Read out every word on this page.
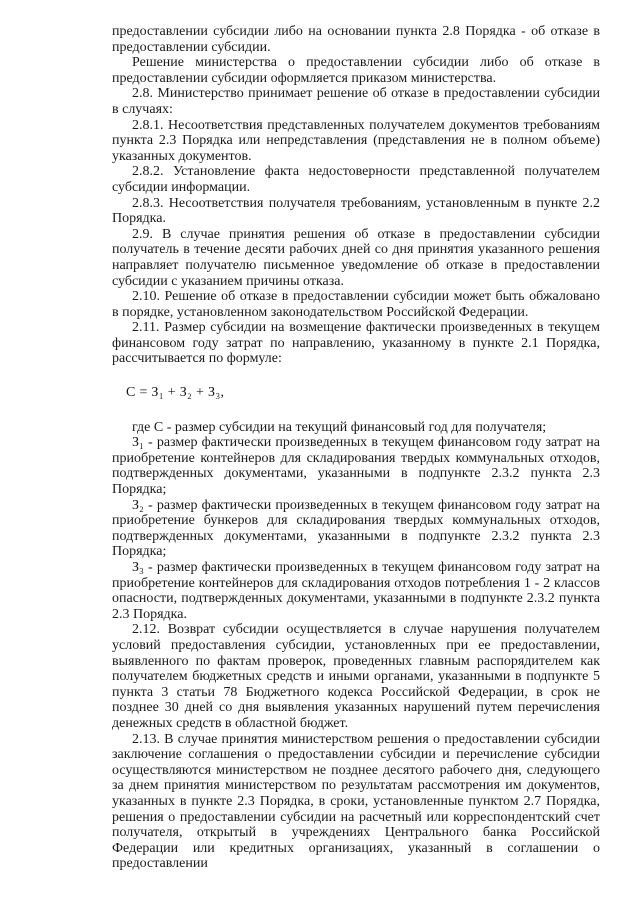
предоставлении субсидии либо на основании пункта 2.8 Порядка - об отказе в предоставлении субсидии.

Решение министерства о предоставлении субсидии либо об отказе в предоставлении субсидии оформляется приказом министерства.

2.8. Министерство принимает решение об отказе в предоставлении субсидии в случаях:

2.8.1. Несоответствия представленных получателем документов требованиям пункта 2.3 Порядка или непредставления (представления не в полном объеме) указанных документов.

2.8.2. Установление факта недостоверности представленной получателем субсидии информации.

2.8.3. Несоответствия получателя требованиям, установленным в пункте 2.2 Порядка.

2.9. В случае принятия решения об отказе в предоставлении субсидии получатель в течение десяти рабочих дней со дня принятия указанного решения направляет получателю письменное уведомление об отказе в предоставлении субсидии с указанием причины отказа.

2.10. Решение об отказе в предоставлении субсидии может быть обжаловано в порядке, установленном законодательством Российской Федерации.

2.11. Размер субсидии на возмещение фактически произведенных в текущем финансовом году затрат по направлению, указанному в пункте 2.1 Порядка, рассчитывается по формуле:

С = З₁ + З₂ + З₃,

где С - размер субсидии на текущий финансовый год для получателя;

З₁ - размер фактически произведенных в текущем финансовом году затрат на приобретение контейнеров для складирования твердых коммунальных отходов, подтвержденных документами, указанными в подпункте 2.3.2 пункта 2.3 Порядка;

З₂ - размер фактически произведенных в текущем финансовом году затрат на приобретение бункеров для складирования твердых коммунальных отходов, подтвержденных документами, указанными в подпункте 2.3.2 пункта 2.3 Порядка;

З₃ - размер фактически произведенных в текущем финансовом году затрат на приобретение контейнеров для складирования отходов потребления 1 - 2 классов опасности, подтвержденных документами, указанными в подпункте 2.3.2 пункта 2.3 Порядка.

2.12. Возврат субсидии осуществляется в случае нарушения получателем условий предоставления субсидии, установленных при ее предоставлении, выявленного по фактам проверок, проведенных главным распорядителем как получателем бюджетных средств и иными органами, указанными в подпункте 5 пункта 3 статьи 78 Бюджетного кодекса Российской Федерации, в срок не позднее 30 дней со дня выявления указанных нарушений путем перечисления денежных средств в областной бюджет.

2.13. В случае принятия министерством решения о предоставлении субсидии заключение соглашения о предоставлении субсидии и перечисление субсидии осуществляются министерством не позднее десятого рабочего дня, следующего за днем принятия министерством по результатам рассмотрения им документов, указанных в пункте 2.3 Порядка, в сроки, установленные пунктом 2.7 Порядка, решения о предоставлении субсидии на расчетный или корреспондентский счет получателя, открытый в учреждениях Центрального банка Российской Федерации или кредитных организациях, указанный в соглашении о предоставлении
